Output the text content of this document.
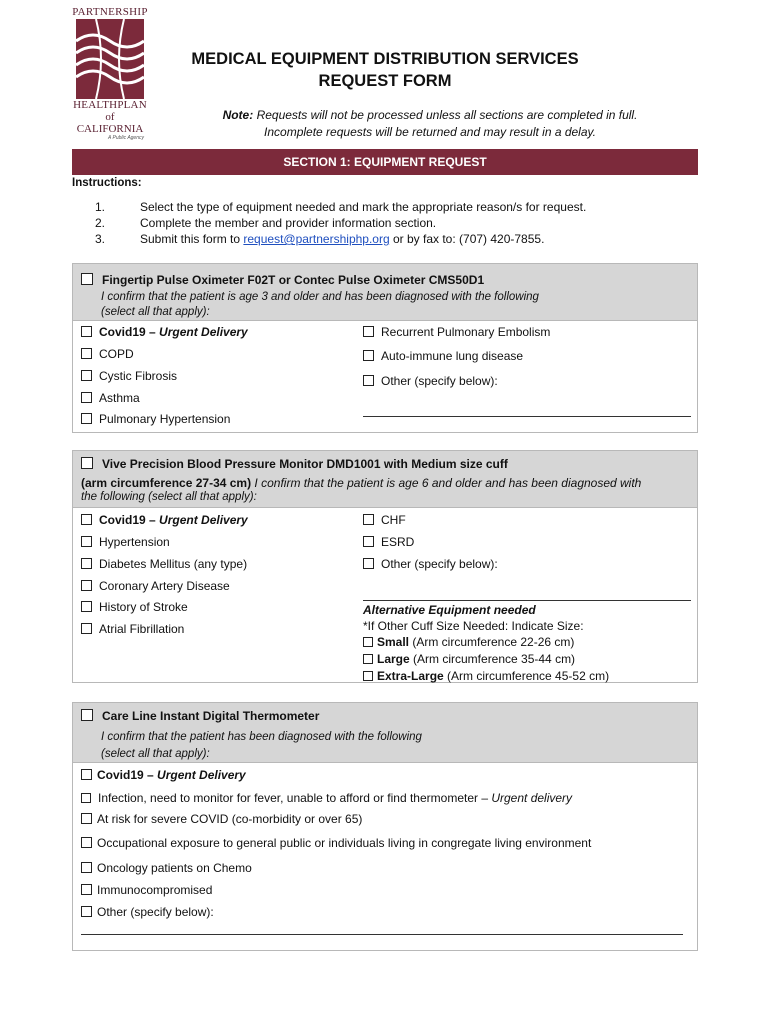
PARTNERSHIP
HEALTHPLAN
of CALIFORNIA
A Public Agency
MEDICAL EQUIPMENT DISTRIBUTION SERVICES
REQUEST FORM
Note: Requests will not be processed unless all sections are completed in full.
Incomplete requests will be returned and may result in a delay.
SECTION 1: EQUIPMENT REQUEST
Instructions:
1.	Select the type of equipment needed and mark the appropriate reason/s for request.
2.	Complete the member and provider information section.
3.	Submit this form to request@partnershiphp.org or by fax to: (707) 420-7855.
Fingertip Pulse Oximeter F02T or Contec Pulse Oximeter CMS50D1
I confirm that the patient is age 3 and older and has been diagnosed with the following
(select all that apply):
Covid19 – Urgent Delivery
COPD
Cystic Fibrosis
Asthma
Pulmonary Hypertension
Recurrent Pulmonary Embolism
Auto-immune lung disease
Other (specify below):
Vive Precision Blood Pressure Monitor DMD1001 with Medium size cuff
(arm circumference 27-34 cm) I confirm that the patient is age 6 and older and has been diagnosed with
the following (select all that apply):
Covid19 – Urgent Delivery
Hypertension
Diabetes Mellitus (any type)
Coronary Artery Disease
History of Stroke
Atrial Fibrillation
CHF
ESRD
Other (specify below):
Alternative Equipment needed
*If Other Cuff Size Needed: Indicate Size:
Small (Arm circumference 22-26 cm)
Large (Arm circumference 35-44 cm)
Extra-Large (Arm circumference 45-52 cm)
Care Line Instant Digital Thermometer
I confirm that the patient has been diagnosed with the following
(select all that apply):
Covid19 – Urgent Delivery
Infection, need to monitor for fever, unable to afford or find thermometer – Urgent delivery
At risk for severe COVID (co-morbidity or over 65)
Occupational exposure to general public or individuals living in congregate living environment
Oncology patients on Chemo
Immunocompromised
Other (specify below):
